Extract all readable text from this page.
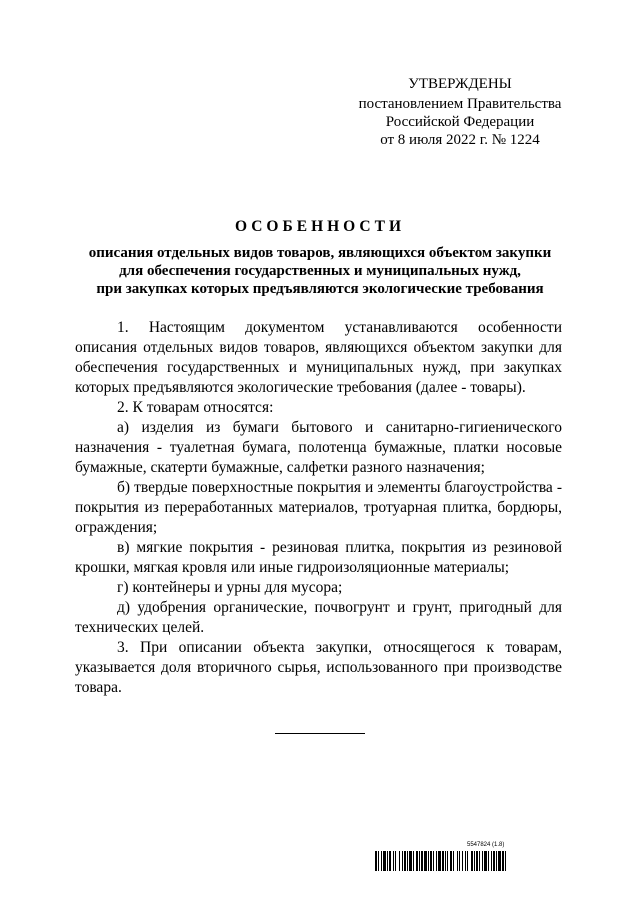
УТВЕРЖДЕНЫ
постановлением Правительства
Российской Федерации
от 8 июля 2022 г. № 1224
ОСОБЕННОСТИ
описания отдельных видов товаров, являющихся объектом закупки
для обеспечения государственных и муниципальных нужд,
при закупках которых предъявляются экологические требования

1. Настоящим документом устанавливаются особенности описания отдельных видов товаров, являющихся объектом закупки для обеспечения государственных и муниципальных нужд, при закупках которых предъявляются экологические требования (далее - товары).

2. К товарам относятся:

а) изделия из бумаги бытового и санитарно-гигиенического назначения - туалетная бумага, полотенца бумажные, платки носовые бумажные, скатерти бумажные, салфетки разного назначения;

б) твердые поверхностные покрытия и элементы благоустройства - покрытия из переработанных материалов, тротуарная плитка, бордюры, ограждения;

в) мягкие покрытия - резиновая плитка, покрытия из резиновой крошки, мягкая кровля или иные гидроизоляционные материалы;

г) контейнеры и урны для мусора;

д) удобрения органические, почвогрунт и грунт, пригодный для технических целей.

3. При описании объекта закупки, относящегося к товарам, указывается доля вторичного сырья, использованного при производстве товара.

5547824 (1.8)
